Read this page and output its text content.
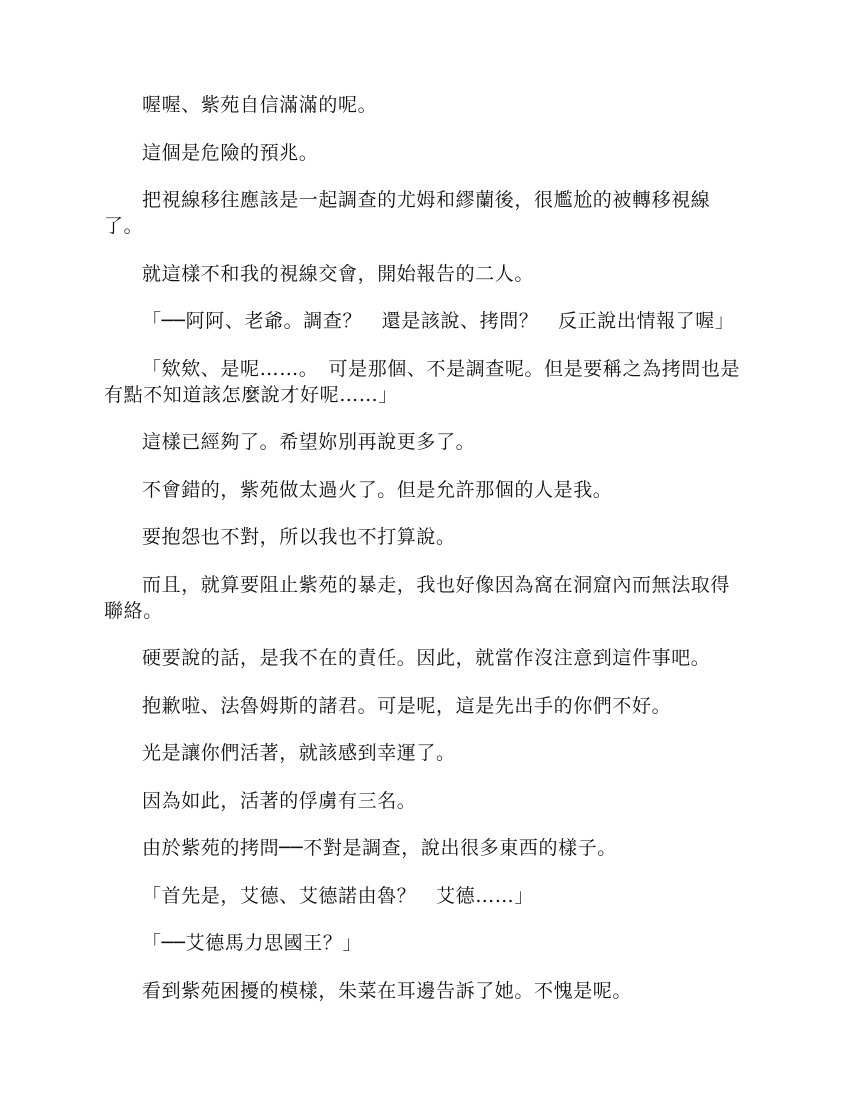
喔喔、紫苑自信滿滿的呢。

這個是危險的預兆。

把視線移往應該是一起調查的尤姆和繆蘭後，很尷尬的被轉移視線了。

就這樣不和我的視線交會，開始報告的二人。

「──阿阿、老爺。調查？　還是該說、拷問？　反正說出情報了喔」

「欸欸、是呢……。　可是那個、不是調查呢。但是要稱之為拷問也是有點不知道該怎麼說才好呢……」

這樣已經夠了。希望妳別再說更多了。

不會錯的，紫苑做太過火了。但是允許那個的人是我。

要抱怨也不對，所以我也不打算說。

而且，就算要阻止紫苑的暴走，我也好像因為窩在洞窟內而無法取得聯絡。

硬要說的話，是我不在的責任。因此，就當作沒注意到這件事吧。

抱歉啦、法魯姆斯的諸君。可是呢，這是先出手的你們不好。

光是讓你們活著，就該感到幸運了。

因為如此，活著的俘虜有三名。

由於紫苑的拷問──不對是調查，說出很多東西的樣子。

「首先是，艾德、艾德諾由魯？　艾德……」

「──艾德馬力思國王？」

看到紫苑困擾的模樣，朱菜在耳邊告訴了她。不愧是呢。
